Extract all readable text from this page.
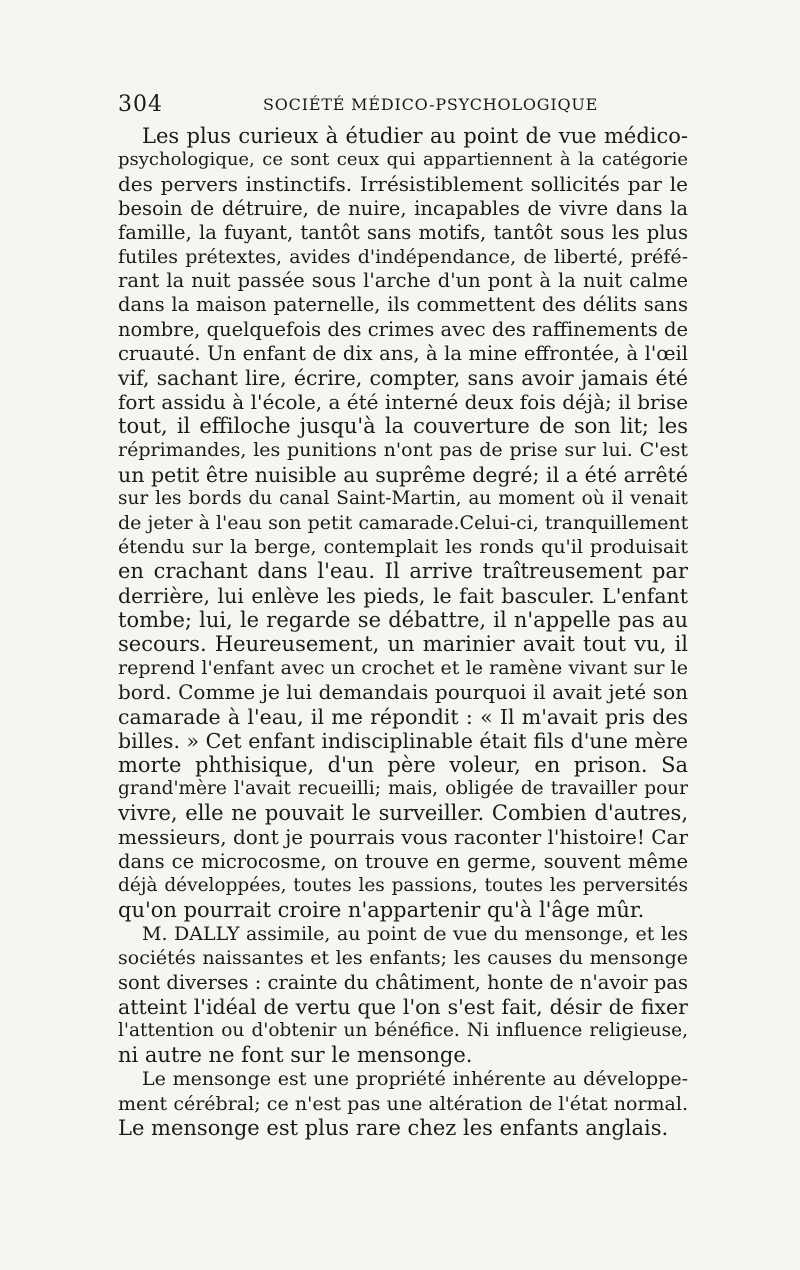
304	SOCIÉTÉ MÉDICO-PSYCHOLOGIQUE
Les plus curieux à étudier au point de vue médico-
psychologique, ce sont ceux qui appartiennent à la catégorie
des pervers instinctifs. Irrésistiblement sollicités par le
besoin de détruire, de nuire, incapables de vivre dans la
famille, la fuyant, tantôt sans motifs, tantôt sous les plus
futiles prétextes, avides d'indépendance, de liberté, préfé-
rant la nuit passée sous l'arche d'un pont à la nuit calme
dans la maison paternelle, ils commettent des délits sans
nombre, quelquefois des crimes avec des raffinements de
cruauté. Un enfant de dix ans, à la mine effrontée, à l'œil
vif, sachant lire, écrire, compter, sans avoir jamais été
fort assidu à l'école, a été interné deux fois déjà; il brise
tout, il effiloche jusqu'à la couverture de son lit; les
réprimandes, les punitions n'ont pas de prise sur lui. C'est
un petit être nuisible au suprême degré; il a été arrêté
sur les bords du canal Saint-Martin, au moment où il venait
de jeter à l'eau son petit camarade.Celui-ci, tranquillement
étendu sur la berge, contemplait les ronds qu'il produisait
en crachant dans l'eau. Il arrive traîtreusement par
derrière, lui enlève les pieds, le fait basculer. L'enfant
tombe; lui, le regarde se débattre, il n'appelle pas au
secours. Heureusement, un marinier avait tout vu, il
reprend l'enfant avec un crochet et le ramène vivant sur le
bord. Comme je lui demandais pourquoi il avait jeté son
camarade à l'eau, il me répondit : « Il m'avait pris des
billes. » Cet enfant indisciplinable était fils d'une mère
morte phthisique, d'un père voleur, en prison. Sa
grand'mère l'avait recueilli; mais, obligée de travailler pour
vivre, elle ne pouvait le surveiller. Combien d'autres,
messieurs, dont je pourrais vous raconter l'histoire! Car
dans ce microcosme, on trouve en germe, souvent même
déjà développées, toutes les passions, toutes les perversités
qu'on pourrait croire n'appartenir qu'à l'âge mûr.
M. DALLY assimile, au point de vue du mensonge, et les
sociétés naissantes et les enfants; les causes du mensonge
sont diverses : crainte du châtiment, honte de n'avoir pas
atteint l'idéal de vertu que l'on s'est fait, désir de fixer
l'attention ou d'obtenir un bénéfice. Ni influence religieuse,
ni autre ne font sur le mensonge.
Le mensonge est une propriété inhérente au développe-
ment cérébral; ce n'est pas une altération de l'état normal.
Le mensonge est plus rare chez les enfants anglais.
